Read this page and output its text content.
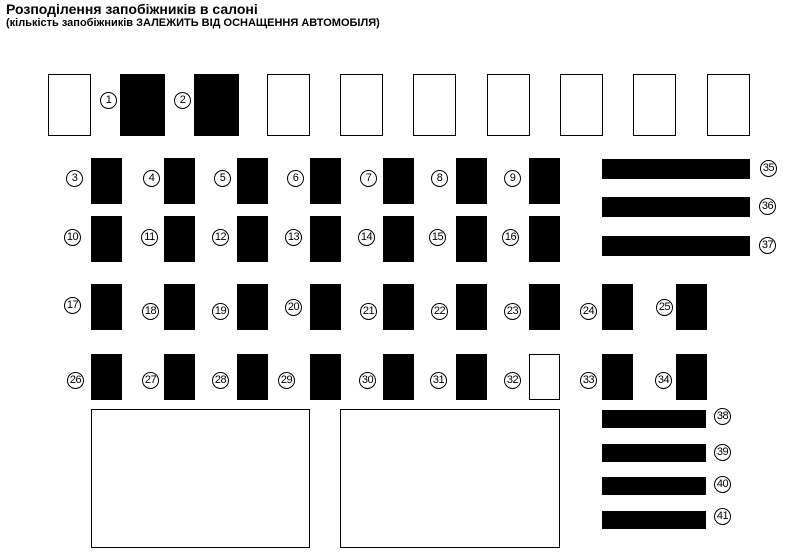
Розподілення запобіжників в салоні
(кількість запобіжників ЗАЛЕЖИТЬ ВІД ОСНАЩЕННЯ АВТОМОБІЛЯ)
1	2
3	4	5	6	7	8	9
35
36
37
10	11	12	13	14	15	16
17	18	19	20	21	22	23	24	25
26	27	28	29	30	31	32	33	34
38
39
40
41
